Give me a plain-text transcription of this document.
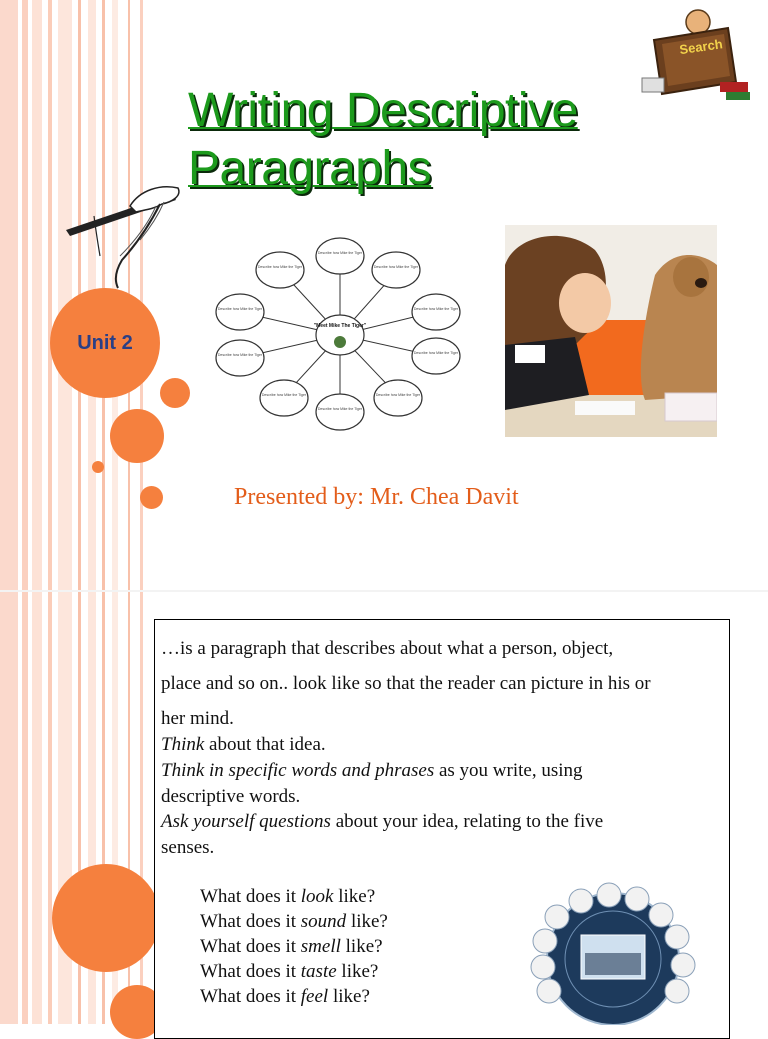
Search
Writing Descriptive
Paragraphs
Unit 2
"Meet Mike The Tiger"
Describe how Mike the Tiger
Describe how Mike the Tiger
Describe how Mike the Tiger
Describe how Mike the Tiger
Describe how Mike the Tiger
Describe how Mike the Tiger
Describe how Mike the Tiger
Describe how Mike the Tiger
Describe how Mike the Tiger
Describe how Mike the Tiger
Presented by: Mr. Chea Davit
…is a paragraph that describes about what a person, object,
place and so on.. look like so that the reader can picture in his or
her mind.
Think about that idea.
Think in specific words and phrases as you write, using
descriptive words.
Ask yourself questions about your idea, relating to the five
senses.
What does it look like?
What does it sound like?
What does it smell like?
What does it taste like?
What does it feel like?
